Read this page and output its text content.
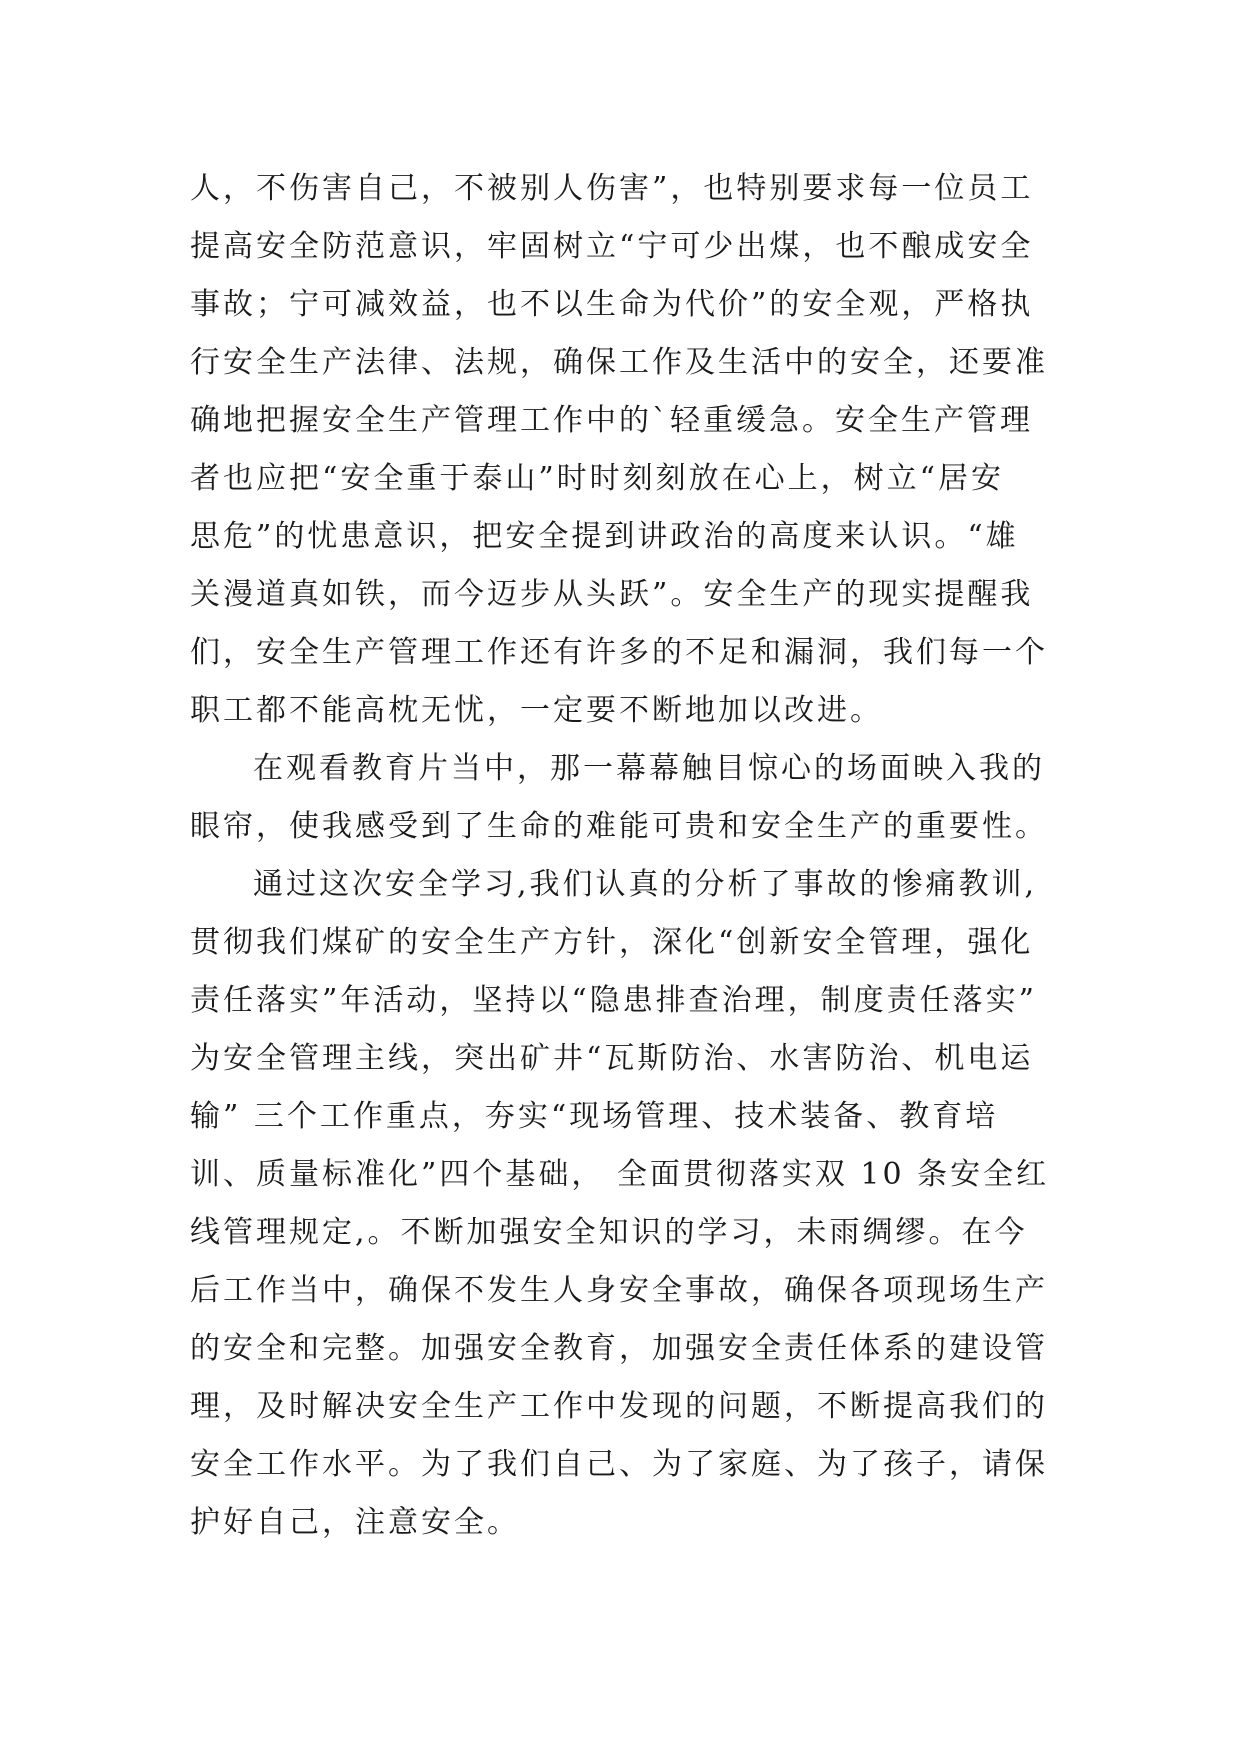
人，不伤害自己，不被别人伤害”，也特别要求每一位员工
提高安全防范意识，牢固树立“宁可少出煤，也不酿成安全
事故；宁可减效益，也不以生命为代价”的安全观，严格执
行安全生产法律、法规，确保工作及生活中的安全，还要准
确地把握安全生产管理工作中的`轻重缓急。安全生产管理
者也应把“安全重于泰山”时时刻刻放在心上，树立“居安
思危”的忧患意识，把安全提到讲政治的高度来认识。“雄
关漫道真如铁，而今迈步从头跃”。安全生产的现实提醒我
们，安全生产管理工作还有许多的不足和漏洞，我们每一个
职工都不能高枕无忧，一定要不断地加以改进。
在观看教育片当中，那一幕幕触目惊心的场面映入我的
眼帘，使我感受到了生命的难能可贵和安全生产的重要性。
通过这次安全学习,我们认真的分析了事故的惨痛教训,
贯彻我们煤矿的安全生产方针，深化“创新安全管理，强化
责任落实”年活动，坚持以“隐患排查治理，制度责任落实”
为安全管理主线，突出矿井“瓦斯防治、水害防治、机电运
输” 三个工作重点，夯实“现场管理、技术装备、教育培
训、质量标准化”四个基础， 全面贯彻落实双 10 条安全红
线管理规定,。不断加强安全知识的学习，未雨绸缪。在今
后工作当中，确保不发生人身安全事故，确保各项现场生产
的安全和完整。加强安全教育，加强安全责任体系的建设管
理，及时解决安全生产工作中发现的问题，不断提高我们的
安全工作水平。为了我们自己、为了家庭、为了孩子，请保
护好自己，注意安全。
